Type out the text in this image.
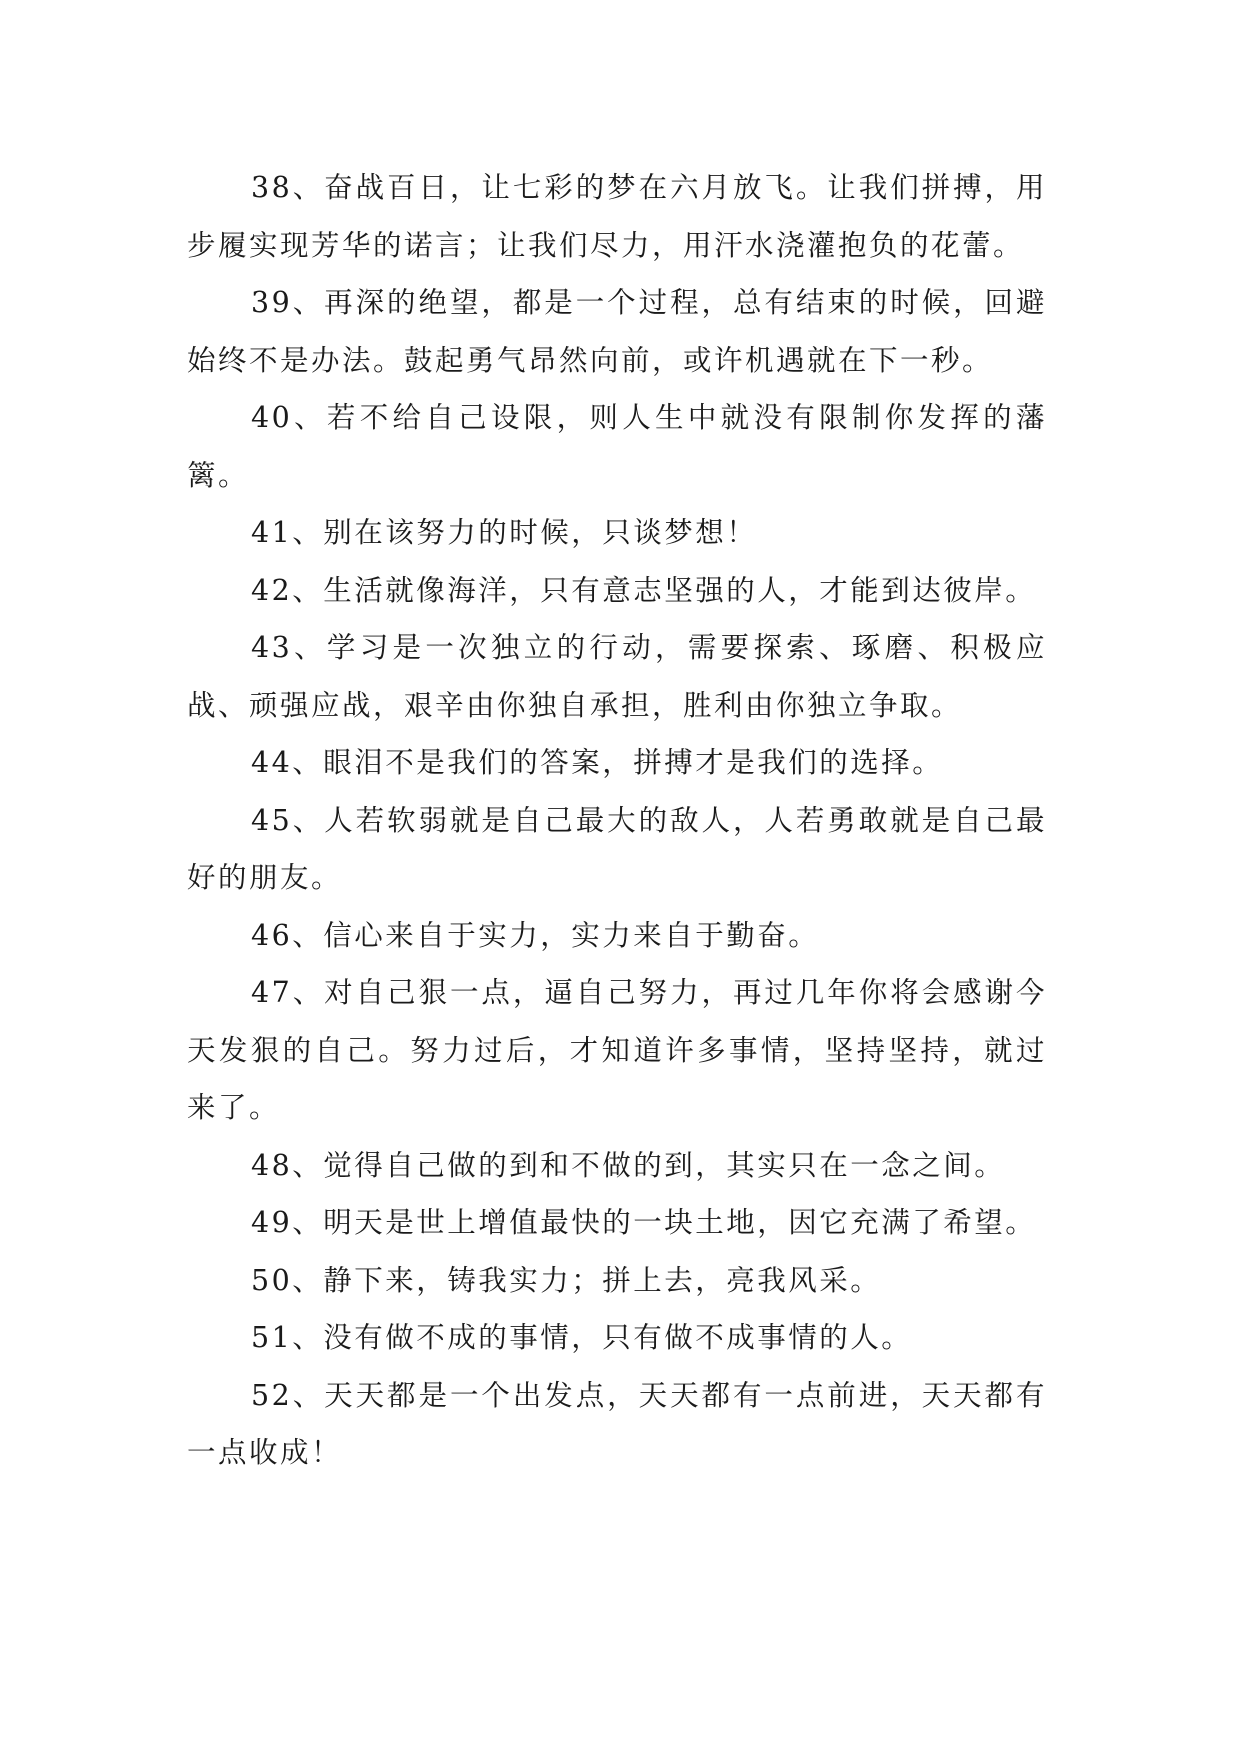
38、奋战百日，让七彩的梦在六月放飞。让我们拼搏，用步履实现芳华的诺言；让我们尽力，用汗水浇灌抱负的花蕾。

39、再深的绝望，都是一个过程，总有结束的时候，回避始终不是办法。鼓起勇气昂然向前，或许机遇就在下一秒。

40、若不给自己设限，则人生中就没有限制你发挥的藩篱。

41、别在该努力的时候，只谈梦想！

42、生活就像海洋，只有意志坚强的人，才能到达彼岸。

43、学习是一次独立的行动，需要探索、琢磨、积极应战、顽强应战，艰辛由你独自承担，胜利由你独立争取。

44、眼泪不是我们的答案，拼搏才是我们的选择。

45、人若软弱就是自己最大的敌人，人若勇敢就是自己最好的朋友。

46、信心来自于实力，实力来自于勤奋。

47、对自己狠一点，逼自己努力，再过几年你将会感谢今天发狠的自己。努力过后，才知道许多事情，坚持坚持，就过来了。

48、觉得自己做的到和不做的到，其实只在一念之间。

49、明天是世上增值最快的一块土地，因它充满了希望。

50、静下来，铸我实力；拼上去，亮我风采。

51、没有做不成的事情，只有做不成事情的人。

52、天天都是一个出发点，天天都有一点前进，天天都有一点收成！
